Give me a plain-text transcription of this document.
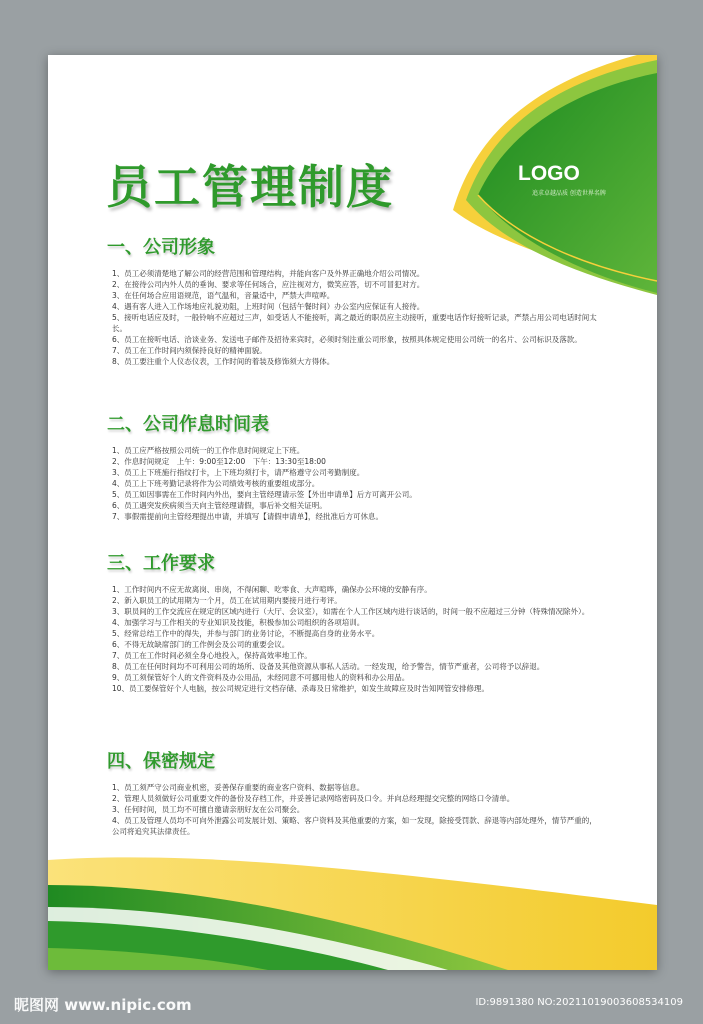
员工管理制度	LOGO
追求卓越品质 创造世界名牌
一、公司形象
1、员工必须清楚地了解公司的经营范围和管理结构，并能向客户及外界正确地介绍公司情况。
2、在接待公司内外人员的垂询、要求等任何场合，应注视对方，微笑应答，切不可冒犯对方。
3、在任何场合应用语规范，语气温和，音量适中，严禁大声喧哗。
4、遇有客人进入工作场地应礼貌劝阻，上班时间（包括午餐时间）办公室内应保证有人接待。
5、接听电话应及时，一般铃响不应超过三声，如受话人不能接听，离之最近的职员应主动接听，重要电话作好接听记录，严禁占用公司电话时间太长。
6、员工在接听电话、洽谈业务、发送电子邮件及招待来宾时，必须时刻注重公司形象，按照具体规定使用公司统一的名片、公司标识及落款。
7、员工在工作时间内须保持良好的精神面貌。
8、员工要注重个人仪态仪表，工作时间的着装及修饰须大方得体。
二、公司作息时间表
1、员工应严格按照公司统一的工作作息时间规定上下班。
2、作息时间规定　上午：9:00至12:00　下午：13:30至18:00
3、员工上下班施行指纹打卡，上下班均须打卡，请严格遵守公司考勤制度。
4、员工上下班考勤记录将作为公司绩效考核的重要组成部分。
5、员工如因事需在工作时间内外出，要向主管经理请示签【外出申请单】后方可离开公司。
6、员工遇突发疾病须当天向主管经理请假，事后补交相关证明。
7、事假需提前向主管经理提出申请，并填写【请假申请单】，经批准后方可休息。
三、工作要求
1、工作时间内不应无故离岗、串岗，不得闲聊、吃零食、大声喧哗，确保办公环境的安静有序。
2、新入职员工的试用期为一个月，员工在试用期内要接月进行考评。
3、职员间的工作交流应在规定的区域内进行（大厅、会议室），如需在个人工作区域内进行谈话的，时间一般不应超过三分钟（特殊情况除外）。
4、加强学习与工作相关的专业知识及技能，积极参加公司组织的各项培训。
5、经常总结工作中的得失，并参与部门的业务讨论，不断提高自身的业务水平。
6、不得无故缺席部门的工作例会及公司的重要会议。
7、员工在工作时间必须全身心地投入，保持高效率地工作。
8、员工在任何时间均不可利用公司的场所、设备及其他资源从事私人活动。一经发现，给予警告，情节严重者，公司将予以辞退。
9、员工须保管好个人的文件资料及办公用品，未经同意不可挪用他人的资料和办公用品。
10、员工要保管好个人电脑，按公司规定进行文档存储、杀毒及日常维护，如发生故障应及时告知网管安排修理。
四、保密规定
1、员工须严守公司商业机密，妥善保存重要的商业客户资料、数据等信息。
2、管理人员须做好公司重要文件的备份及存档工作，并妥善记录网络密码及口令。并向总经理提交完整的网络口令清单。
3、任何时间，员工均不可擅自邀请亲朋好友在公司聚会。
4、员工及管理人员均不可向外泄露公司发展计划、策略、客户资料及其他重要的方案，如一发现，除接受罚款、辞退等内部处理外，情节严重的，公司将追究其法律责任。
昵图网 www.nipic.com	ID:9891380 NO:20211019003608534109
